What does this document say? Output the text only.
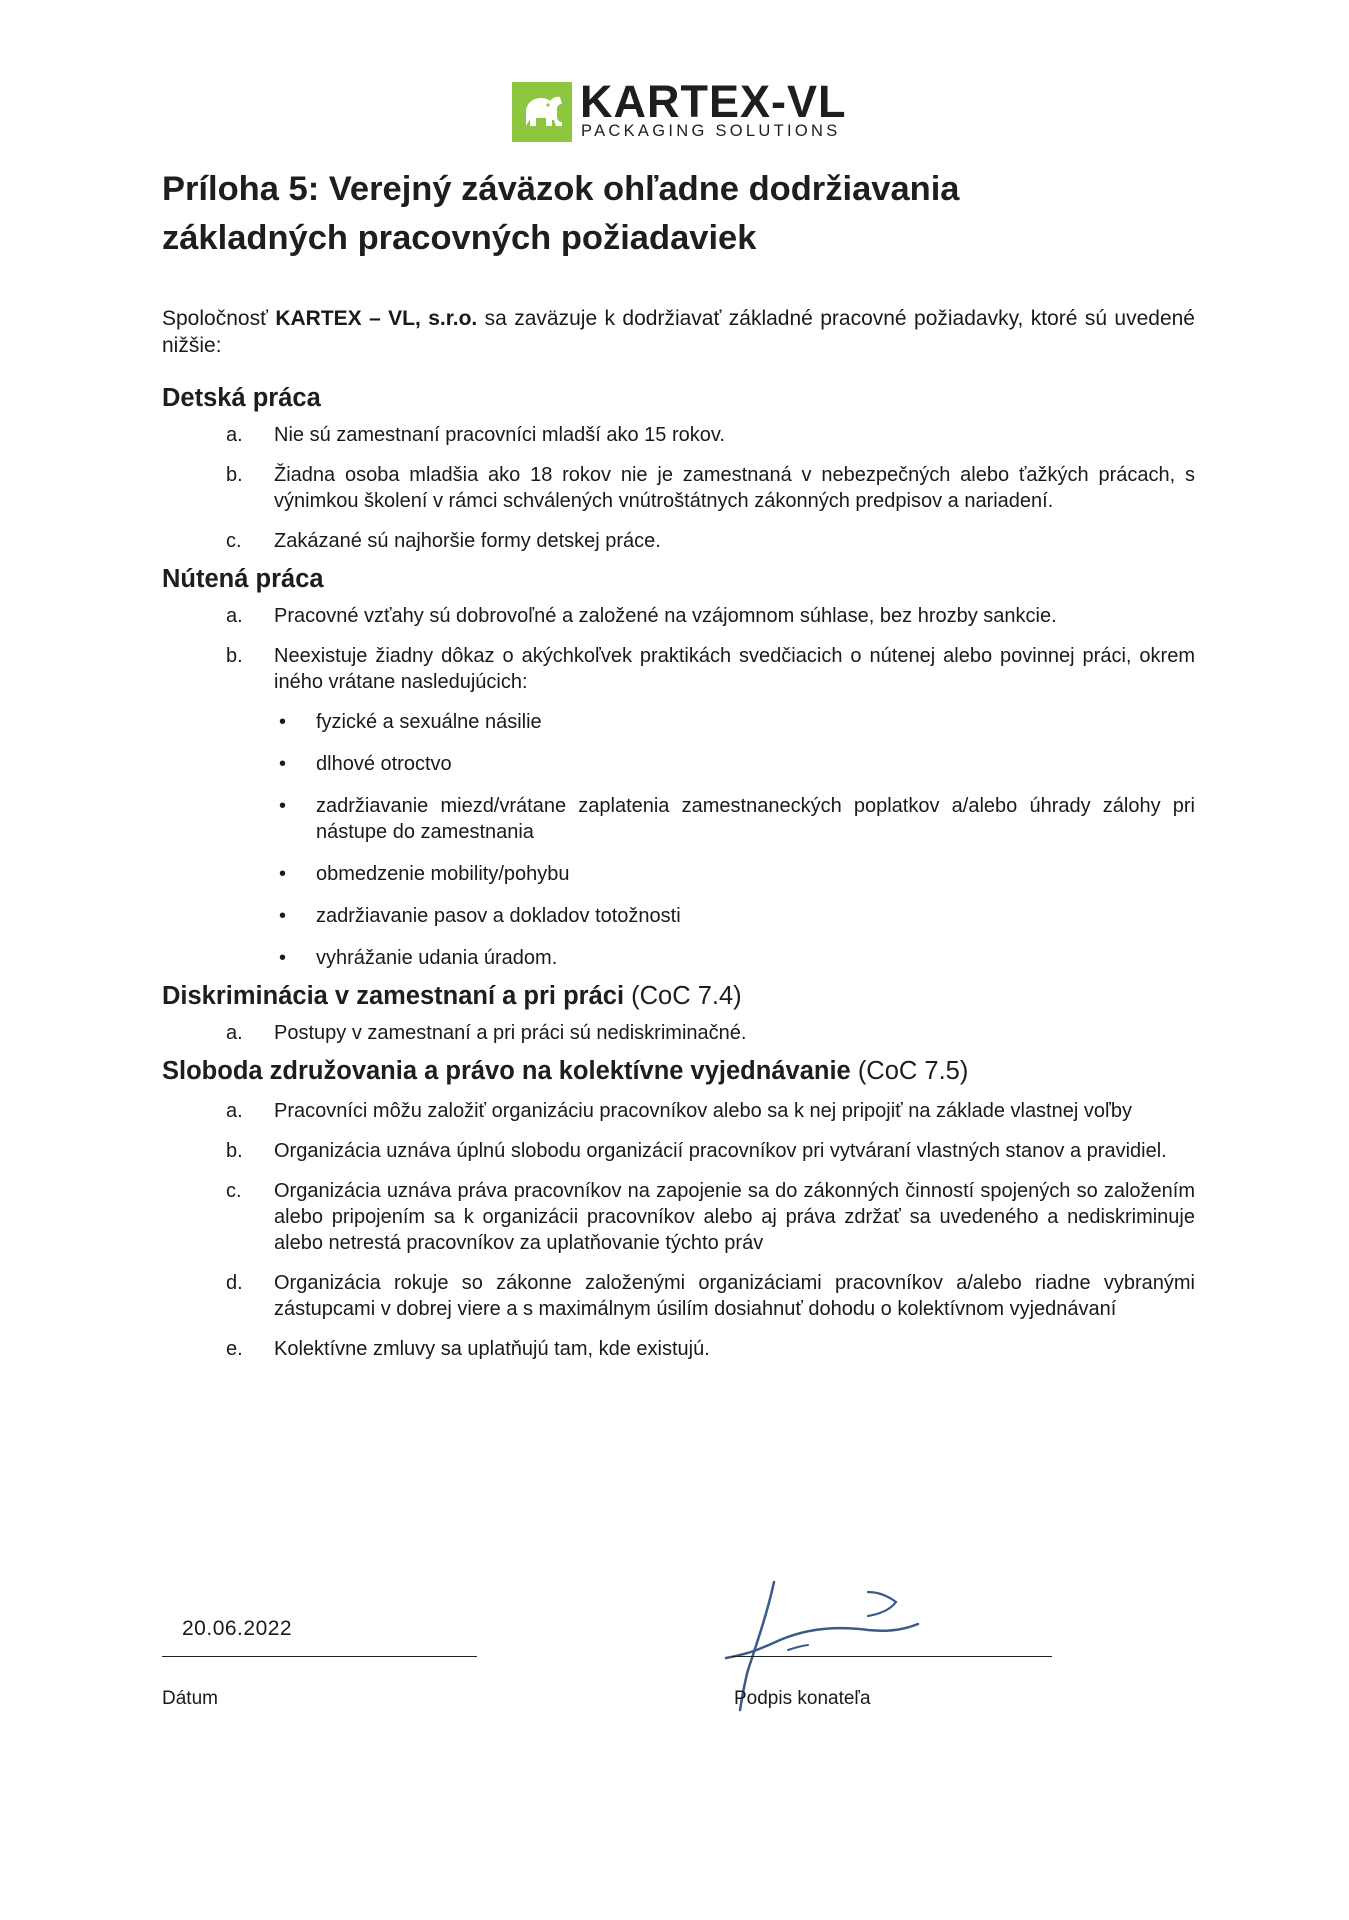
KARTEX-VL
PACKAGING SOLUTIONS
Príloha 5: Verejný záväzok ohľadne dodržiavania
základných pracovných požiadaviek

Spoločnosť KARTEX – VL, s.r.o. sa zaväzuje k dodržiavať základné pracovné požiadavky, ktoré sú uvedené nižšie:

Detská práca
a. Nie sú zamestnaní pracovníci mladší ako 15 rokov.
b. Žiadna osoba mladšia ako 18 rokov nie je zamestnaná v nebezpečných alebo ťažkých prácach, s výnimkou školení v rámci schválených vnútroštátnych zákonných predpisov a nariadení.
c. Zakázané sú najhoršie formy detskej práce.
Nútená práca
a. Pracovné vzťahy sú dobrovoľné a založené na vzájomnom súhlase, bez hrozby sankcie.
b. Neexistuje žiadny dôkaz o akýchkoľvek praktikách svedčiacich o nútenej alebo povinnej práci, okrem iného vrátane nasledujúcich:
• fyzické a sexuálne násilie
• dlhové otroctvo
• zadržiavanie miezd/vrátane zaplatenia zamestnaneckých poplatkov a/alebo úhrady zálohy pri nástupe do zamestnania
• obmedzenie mobility/pohybu
• zadržiavanie pasov a dokladov totožnosti
• vyhrážanie udania úradom.
Diskriminácia v zamestnaní a pri práci (CoC 7.4)
a. Postupy v zamestnaní a pri práci sú nediskriminačné.
Sloboda združovania a právo na kolektívne vyjednávanie (CoC 7.5)
a. Pracovníci môžu založiť organizáciu pracovníkov alebo sa k nej pripojiť na základe vlastnej voľby
b. Organizácia uznáva úplnú slobodu organizácií pracovníkov pri vytváraní vlastných stanov a pravidiel.
c. Organizácia uznáva práva pracovníkov na zapojenie sa do zákonných činností spojených so založením alebo pripojením sa k organizácii pracovníkov alebo aj práva zdržať sa uvedeného a nediskriminuje alebo netrestá pracovníkov za uplatňovanie týchto práv
d. Organizácia rokuje so zákonne založenými organizáciami pracovníkov a/alebo riadne vybranými zástupcami v dobrej viere a s maximálnym úsilím dosiahnuť dohodu o kolektívnom vyjednávaní
e. Kolektívne zmluvy sa uplatňujú tam, kde existujú.
20.06.2022
Dátum	Podpis konateľa
